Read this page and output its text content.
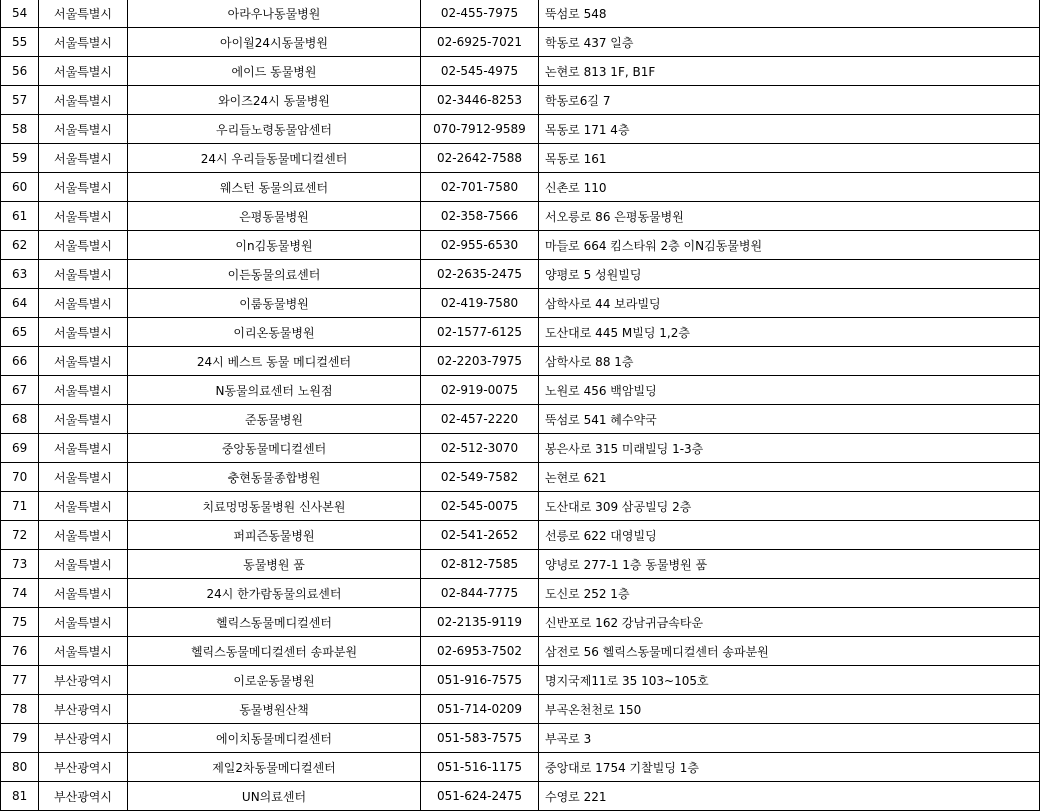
54	서울특별시	아라우나동물병원	02-455-7975	뚝섬로 548
55	서울특별시	아이월24시동물병원	02-6925-7021	학동로 437 일층
56	서울특별시	에이드 동물병원	02-545-4975	논현로 813 1F, B1F
57	서울특별시	와이즈24시 동물병원	02-3446-8253	학동로6길 7
58	서울특별시	우리들노령동물암센터	070-7912-9589	목동로 171 4층
59	서울특별시	24시 우리들동물메디컬센터	02-2642-7588	목동로 161
60	서울특별시	웨스턴 동물의료센터	02-701-7580	신촌로 110
61	서울특별시	은평동물병원	02-358-7566	서오릉로 86 은평동물병원
62	서울특별시	이n김동물병원	02-955-6530	마들로 664 킴스타워 2층 이N김동물병원
63	서울특별시	이든동물의료센터	02-2635-2475	양평로 5 성원빌딩
64	서울특별시	이룸동물병원	02-419-7580	삼학사로 44 보라빌딩
65	서울특별시	이리온동물병원	02-1577-6125	도산대로 445 M빌딩 1,2층
66	서울특별시	24시 베스트 동물 메디컬센터	02-2203-7975	삼학사로 88 1층
67	서울특별시	N동물의료센터 노원점	02-919-0075	노원로 456 백암빌딩
68	서울특별시	준동물병원	02-457-2220	뚝섬로 541 혜수약국
69	서울특별시	중앙동물메디컬센터	02-512-3070	봉은사로 315 미래빌딩 1-3층
70	서울특별시	충현동물종합병원	02-549-7582	논현로 621
71	서울특별시	치료멍멍동물병원 신사본원	02-545-0075	도산대로 309 삼공빌딩 2층
72	서울특별시	퍼피즌동물병원	02-541-2652	선릉로 622 대영빌딩
73	서울특별시	동물병원 품	02-812-7585	양녕로 277-1 1층 동물병원 품
74	서울특별시	24시 한가람동물의료센터	02-844-7775	도신로 252 1층
75	서울특별시	헬릭스동물메디컬센터	02-2135-9119	신반포로 162 강남귀금속타운
76	서울특별시	헬릭스동물메디컬센터 송파분원	02-6953-7502	삼전로 56 헬릭스동물메디컬센터 송파분원
77	부산광역시	이로운동물병원	051-916-7575	명지국제11로 35 103~105호
78	부산광역시	동물병원산책	051-714-0209	부곡온천천로 150
79	부산광역시	에이치동물메디컬센터	051-583-7575	부곡로 3
80	부산광역시	제일2차동물메디컬센터	051-516-1175	중앙대로 1754 기찰빌딩 1층
81	부산광역시	UN의료센터	051-624-2475	수영로 221
